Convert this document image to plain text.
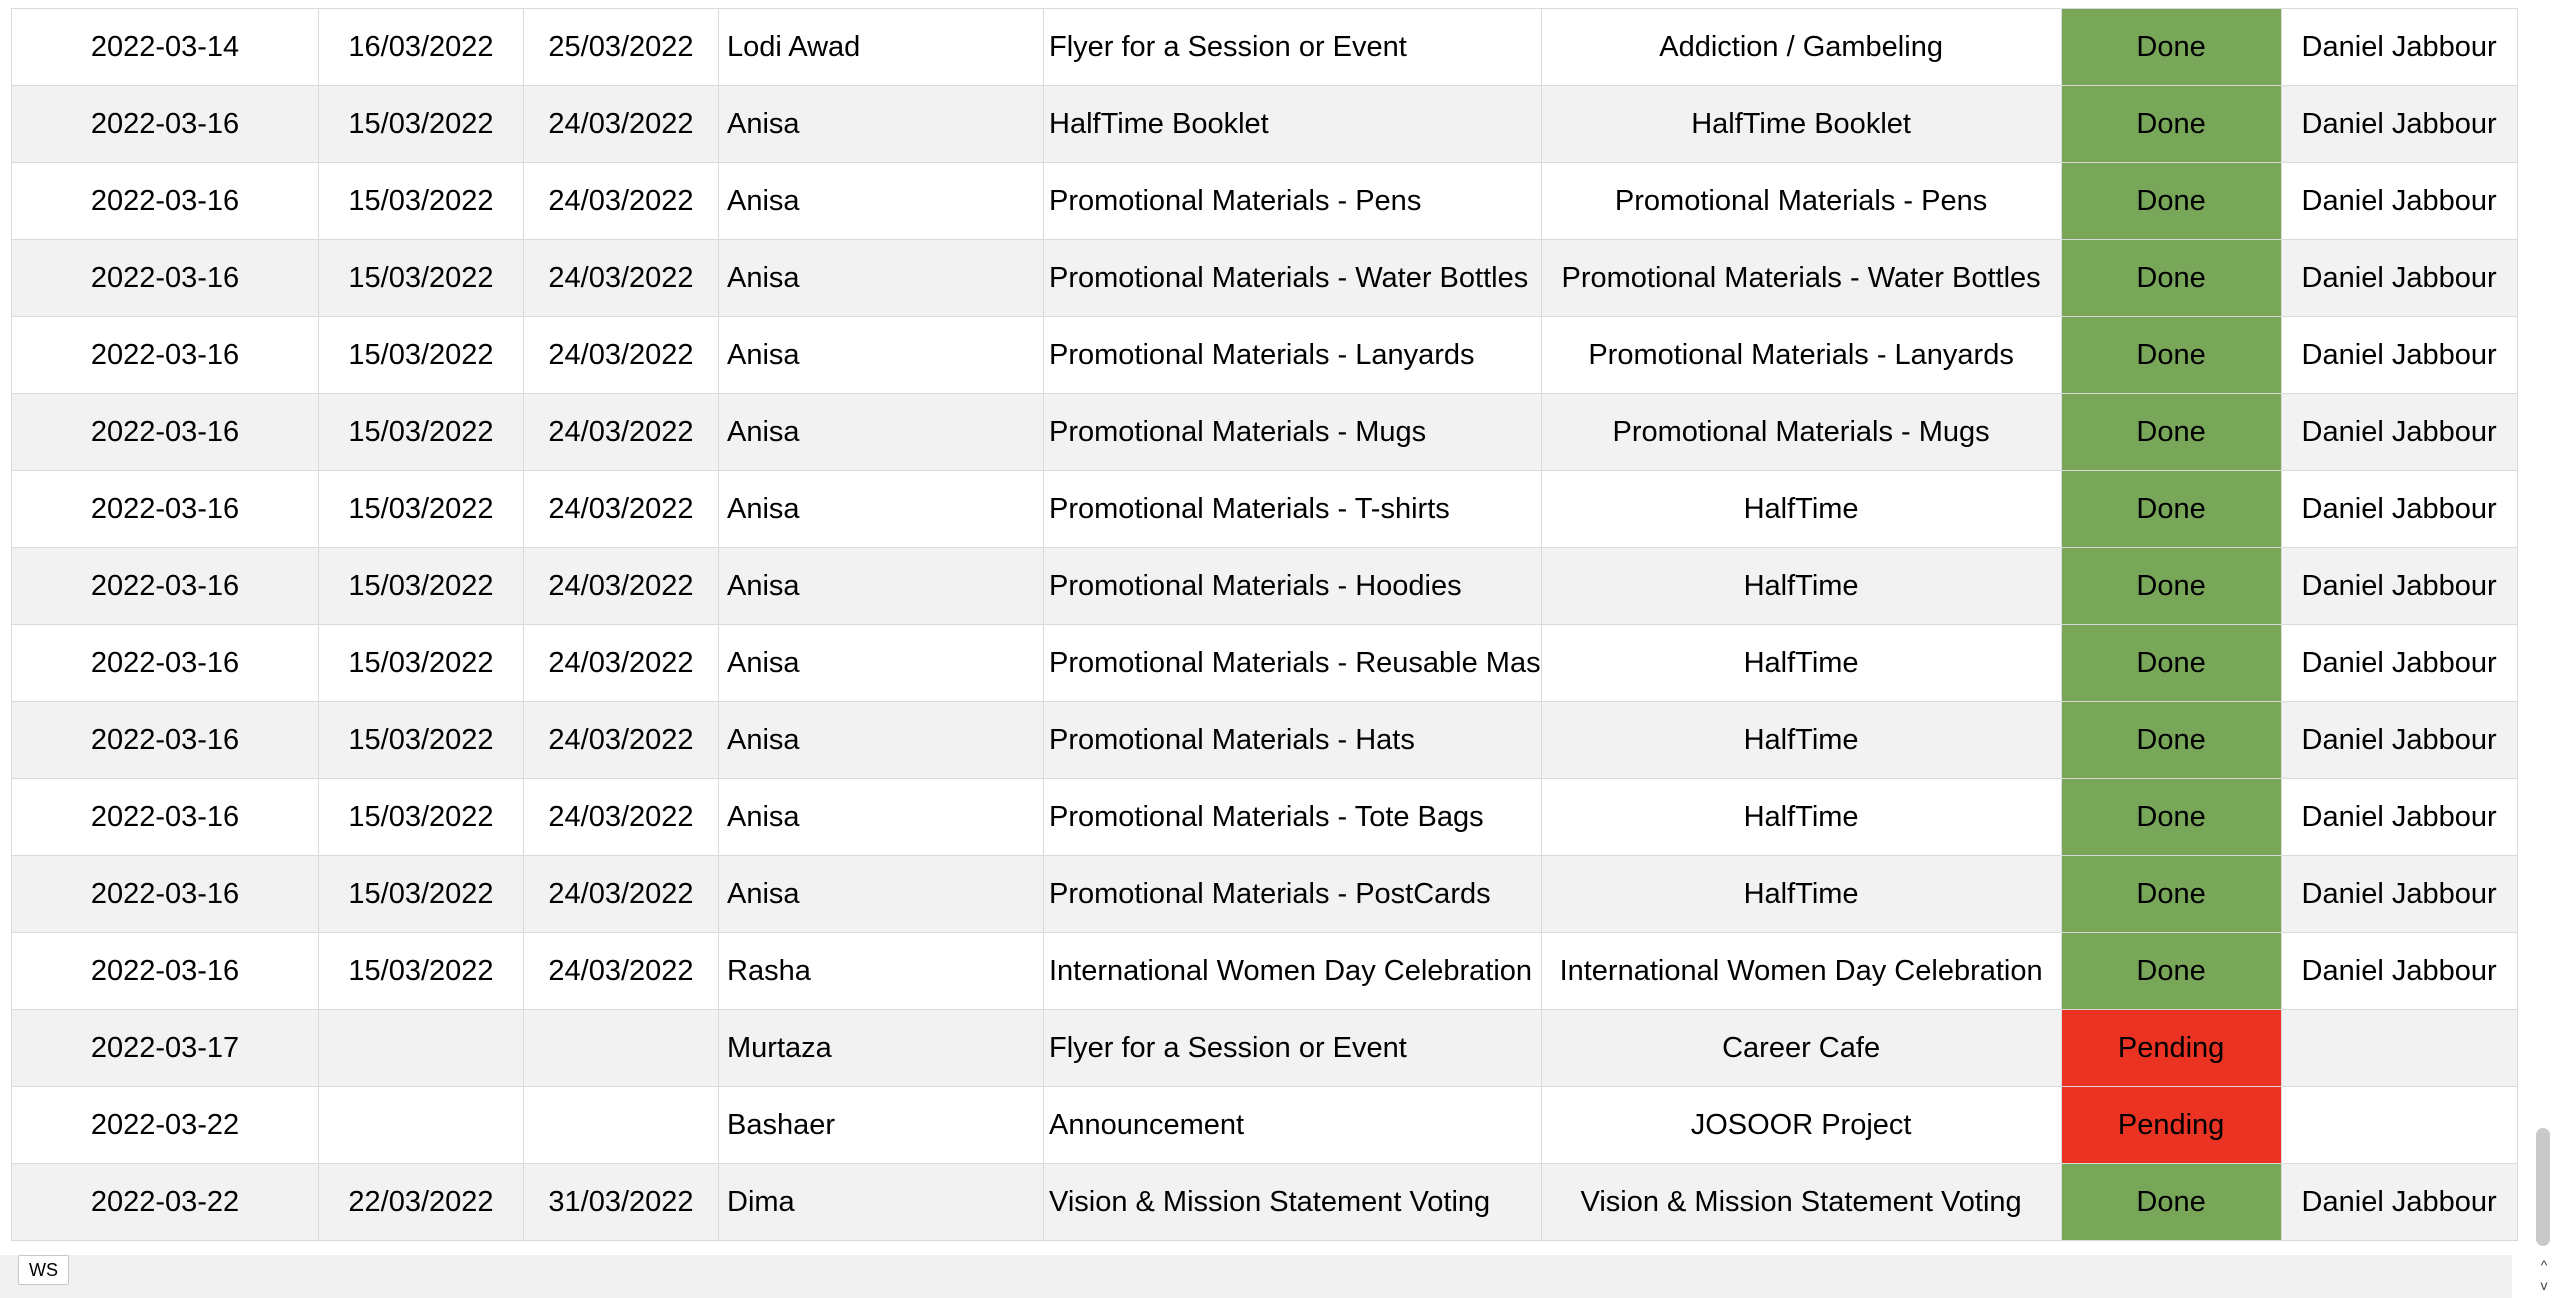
2022-03-14	16/03/2022	25/03/2022	Lodi Awad	Flyer for a Session or Event	Addiction / Gambeling	Done	Daniel Jabbour
2022-03-16	15/03/2022	24/03/2022	Anisa	HalfTime Booklet	HalfTime Booklet	Done	Daniel Jabbour
2022-03-16	15/03/2022	24/03/2022	Anisa	Promotional Materials - Pens	Promotional Materials - Pens	Done	Daniel Jabbour
2022-03-16	15/03/2022	24/03/2022	Anisa	Promotional Materials - Water Bottles	Promotional Materials - Water Bottles	Done	Daniel Jabbour
2022-03-16	15/03/2022	24/03/2022	Anisa	Promotional Materials - Lanyards	Promotional Materials - Lanyards	Done	Daniel Jabbour
2022-03-16	15/03/2022	24/03/2022	Anisa	Promotional Materials - Mugs	Promotional Materials - Mugs	Done	Daniel Jabbour
2022-03-16	15/03/2022	24/03/2022	Anisa	Promotional Materials - T-shirts	HalfTime	Done	Daniel Jabbour
2022-03-16	15/03/2022	24/03/2022	Anisa	Promotional Materials - Hoodies	HalfTime	Done	Daniel Jabbour
2022-03-16	15/03/2022	24/03/2022	Anisa	Promotional Materials - Reusable Mas	HalfTime	Done	Daniel Jabbour
2022-03-16	15/03/2022	24/03/2022	Anisa	Promotional Materials - Hats	HalfTime	Done	Daniel Jabbour
2022-03-16	15/03/2022	24/03/2022	Anisa	Promotional Materials - Tote Bags	HalfTime	Done	Daniel Jabbour
2022-03-16	15/03/2022	24/03/2022	Anisa	Promotional Materials - PostCards	HalfTime	Done	Daniel Jabbour
2022-03-16	15/03/2022	24/03/2022	Rasha	International Women Day Celebration	International Women Day Celebration	Done	Daniel Jabbour
2022-03-17			Murtaza	Flyer for a Session or Event	Career Cafe	Pending	
2022-03-22			Bashaer	Announcement	JOSOOR Project	Pending	
2022-03-22	22/03/2022	31/03/2022	Dima	Vision & Mission Statement Voting	Vision & Mission Statement Voting	Done	Daniel Jabbour
WS	^
v
